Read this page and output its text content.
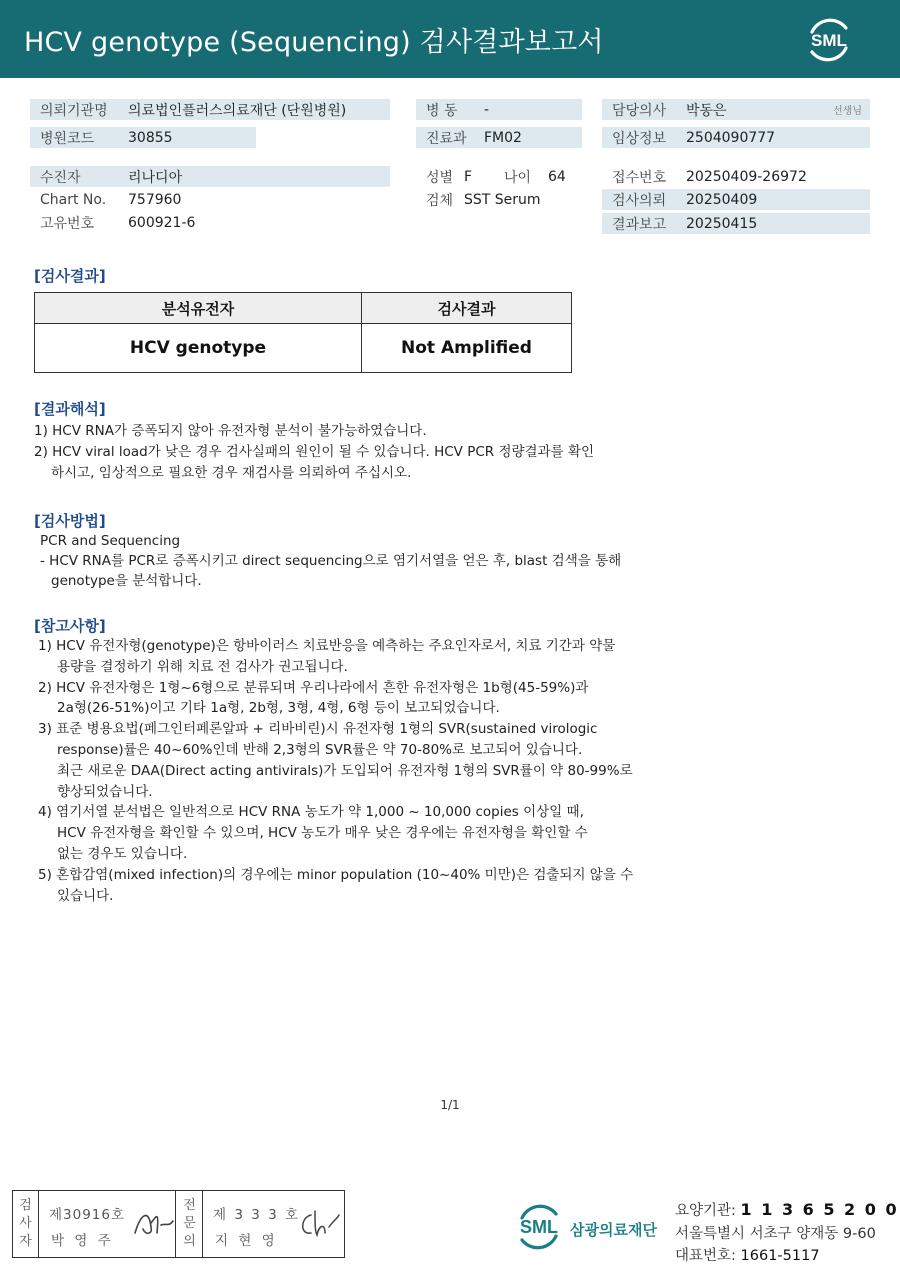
HCV genotype (Sequencing) 검사결과보고서	SML
의뢰기관명 의료법인플러스의료재단 (단원병원)	병 동 -	담당의사 박동은	선생님
병원코드 30855	진료과 FM02	임상정보 2504090777
수진자	리나디아
Chart No. 757960
고유번호 600921-6
성별 F 나이 64
검체 SST Serum
접수번호 20250409-26972
검사의뢰 20250409
결과보고 20250415
[검사결과]
분석유전자	검사결과
HCV genotype	Not Amplified
[결과해석]
1) HCV RNA가 증폭되지 않아 유전자형 분석이 불가능하였습니다.
2) HCV viral load가 낮은 경우 검사실패의 원인이 될 수 있습니다. HCV PCR 정량결과를 확인
하시고, 임상적으로 필요한 경우 재검사를 의뢰하여 주십시오.
[검사방법]
PCR and Sequencing
- HCV RNA를 PCR로 증폭시키고 direct sequencing으로 염기서열을 얻은 후, blast 검색을 통해
genotype을 분석합니다.
[참고사항]
1) HCV 유전자형(genotype)은 항바이러스 치료반응을 예측하는 주요인자로서, 치료 기간과 약물
용량을 결정하기 위해 치료 전 검사가 권고됩니다.
2) HCV 유전자형은 1형~6형으로 분류되며 우리나라에서 흔한 유전자형은 1b형(45-59%)과
2a형(26-51%)이고 기타 1a형, 2b형, 3형, 4형, 6형 등이 보고되었습니다.
3) 표준 병용요법(페그인터페론알파 + 리바비린)시 유전자형 1형의 SVR(sustained virologic
response)률은 40~60%인데 반해 2,3형의 SVR률은 약 70-80%로 보고되어 있습니다.
최근 새로운 DAA(Direct acting antivirals)가 도입되어 유전자형 1형의 SVR률이 약 80-99%로
향상되었습니다.
4) 염기서열 분석법은 일반적으로 HCV RNA 농도가 약 1,000 ~ 10,000 copies 이상일 때,
HCV 유전자형을 확인할 수 있으며, HCV 농도가 매우 낮은 경우에는 유전자형을 확인할 수
없는 경우도 있습니다.
5) 혼합감염(mixed infection)의 경우에는 minor population (10~40% 미만)은 검출되지 않을 수
있습니다.
1/1
검
사
자
제30916호
박 영 주
전
문
의
제 3 3 3 호
지 현 영
SML 삼광의료재단
요양기관: 1 1 3 6 5 2 0 0
서울특별시 서초구 양재동 9-60
대표번호: 1661-5117
